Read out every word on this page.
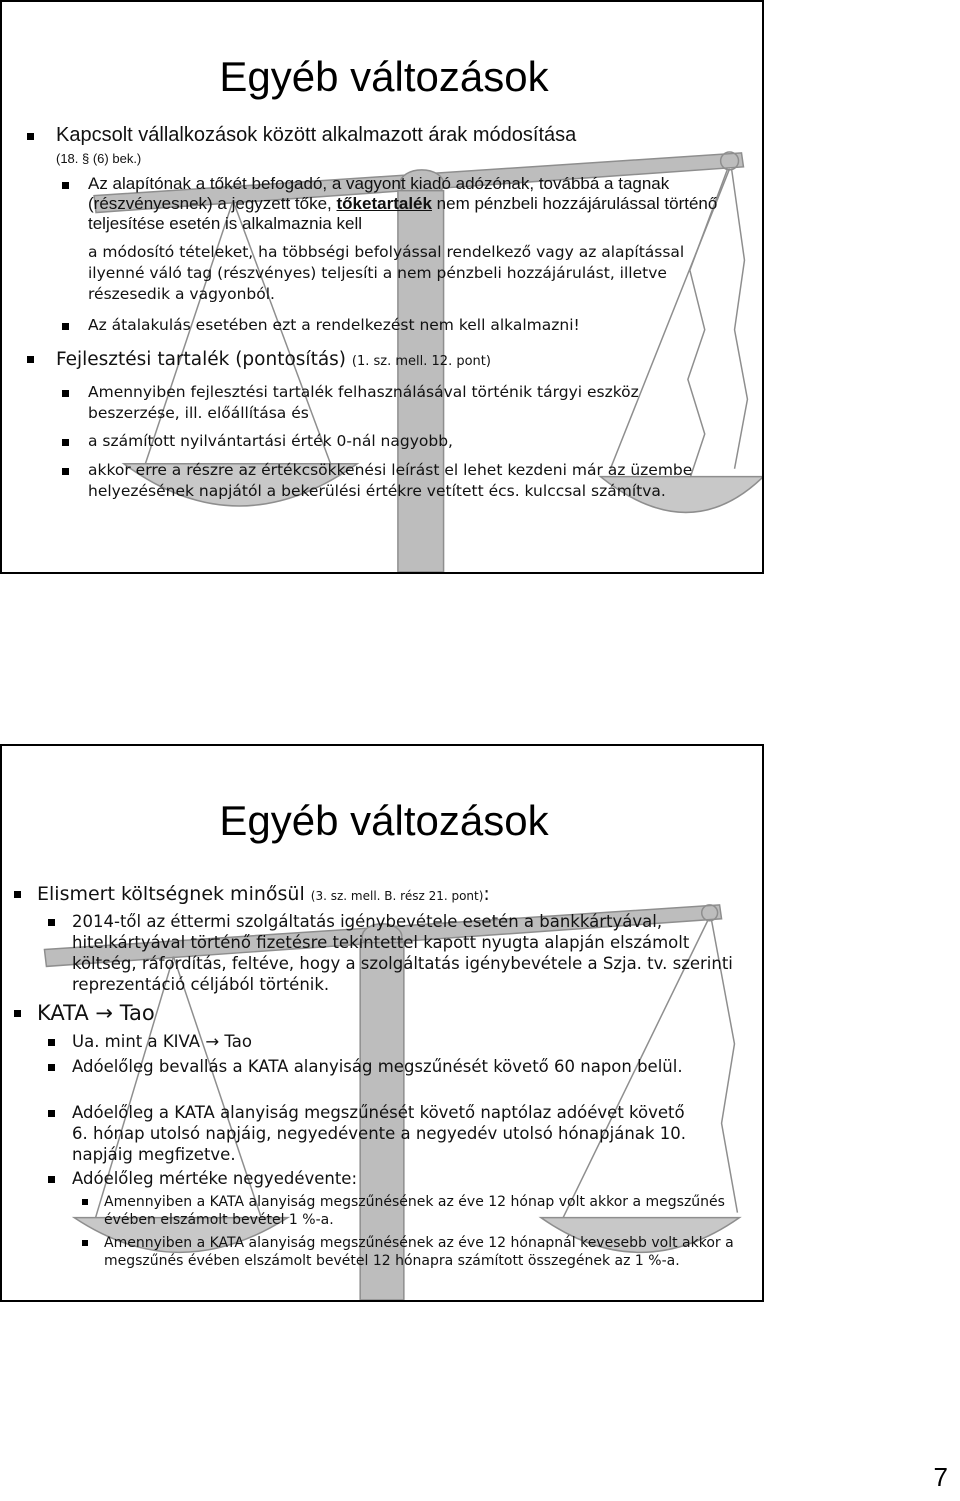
Egyéb változások
Kapcsolt vállalkozások között alkalmazott árak módosítása
(18. § (6) bek.)
Az alapítónak a tőkét befogadó, a vagyont kiadó adózónak, továbbá a tagnak (részvényesnek) a jegyzett tőke, tőketartalék nem pénzbeli hozzájárulással történő teljesítése esetén is alkalmaznia kell
a módosító tételeket, ha többségi befolyással rendelkező vagy az alapítással ilyenné váló tag (részvényes) teljesíti a nem pénzbeli hozzájárulást, illetve részesedik a vagyonból.
Az átalakulás esetében ezt a rendelkezést nem kell alkalmazni!
Fejlesztési tartalék (pontosítás) (1. sz. mell. 12. pont)
Amennyiben fejlesztési tartalék felhasználásával történik tárgyi eszköz beszerzése, ill. előállítása és
a számított nyilvántartási érték 0-nál nagyobb,
akkor erre a részre az értékcsökkenési leírást el lehet kezdeni már az üzembe helyezésének napjától a bekerülési értékre vetített écs. kulccsal számítva.
Egyéb változások
Elismert költségnek minősül (3. sz. mell. B. rész 21. pont):
2014-től az éttermi szolgáltatás igénybevétele esetén a bankkártyával, hitelkártyával történő fizetésre tekintettel kapott nyugta alapján elszámolt költség, ráfordítás, feltéve, hogy a szolgáltatás igénybevétele a Szja. tv. szerinti reprezentáció céljából történik.
KATA → Tao
Ua. mint a KIVA → Tao
Adóelőleg bevallás a KATA alanyiság megszűnését követő 60 napon belül.
Adóelőleg a KATA alanyiság megszűnését követő naptólaz adóévet követő 6. hónap utolsó napjáig, negyedévente a negyedév utolsó hónapjának 10. napjáig megfizetve.
Adóelőleg mértéke negyedévente:
Amennyiben a KATA alanyiság megszűnésének az éve 12 hónap volt akkor a megszűnés évében elszámolt bevétel 1 %-a.
Amennyiben a KATA alanyiság megszűnésének az éve 12 hónapnál kevesebb volt akkor a megszűnés évében elszámolt bevétel 12 hónapra számított összegének az 1 %-a.
7
